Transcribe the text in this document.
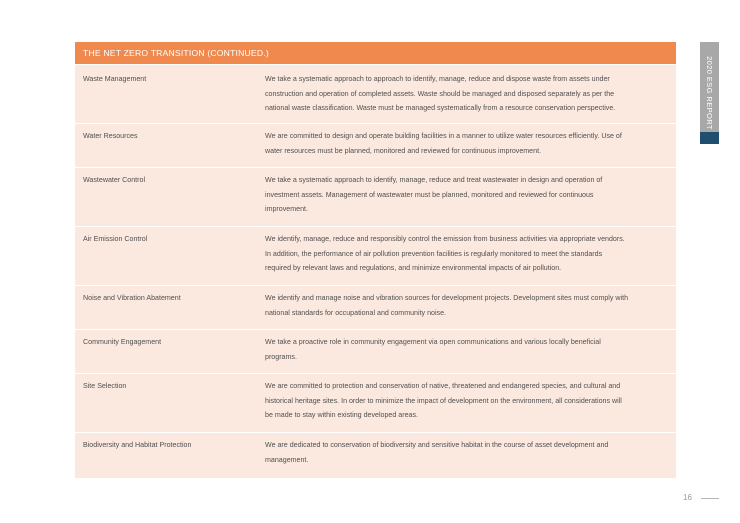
THE NET ZERO TRANSITION (CONTINUED.)
Waste Management	We take a systematic approach to approach to identify, manage, reduce and dispose waste from assets under
construction and operation of completed assets. Waste should be managed and disposed separately as per the
national waste classification. Waste must be managed systematically from a resource conservation perspective.
Water Resources	We are committed to design and operate building facilities in a manner to utilize water resources efficiently. Use of
water resources must be planned, monitored and reviewed for continuous improvement.
Wastewater Control	We take a systematic approach to identify, manage, reduce and treat wastewater in design and operation of
investment assets. Management of wastewater must be planned, monitored and reviewed for continuous
improvement.
Air Emission Control	We identify, manage, reduce and responsibly control the emission from business activities via appropriate vendors.
In addition, the performance of air pollution prevention facilities is regularly monitored to meet the standards
required by relevant laws and regulations, and minimize environmental impacts of air pollution.
Noise and Vibration Abatement	We identify and manage noise and vibration sources for development projects. Development sites must comply with
national standards for occupational and community noise.
Community Engagement	We take a proactive role in community engagement via open communications and various locally beneficial
programs.
Site Selection	We are committed to protection and conservation of native, threatened and endangered species, and cultural and
historical heritage sites. In order to minimize the impact of development on the environment, all considerations will
be made to stay within existing developed areas.
Biodiversity and Habitat Protection	We are dedicated to conservation of biodiversity and sensitive habitat in the course of asset development and
management.
2020 ESG REPORT
16
